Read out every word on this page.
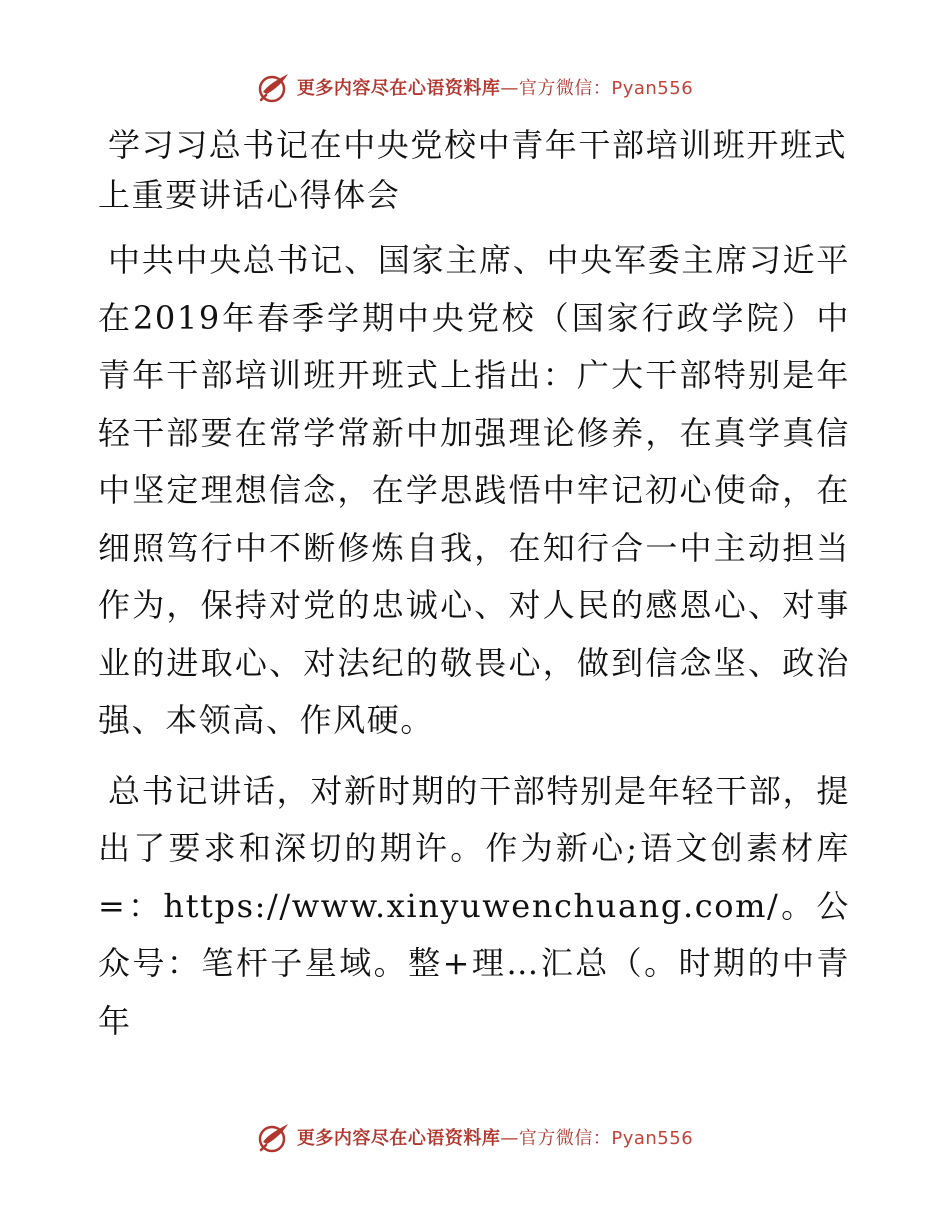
更多内容尽在心语资料库—官方微信：Pyan556
学习习总书记在中央党校中青年干部培训班开班式上重要讲话心得体会

中共中央总书记、国家主席、中央军委主席习近平在2019年春季学期中央党校（国家行政学院）中青年干部培训班开班式上指出：广大干部特别是年轻干部要在常学常新中加强理论修养，在真学真信中坚定理想信念，在学思践悟中牢记初心使命，在细照笃行中不断修炼自我，在知行合一中主动担当作为，保持对党的忠诚心、对人民的感恩心、对事业的进取心、对法纪的敬畏心，做到信念坚、政治强、本领高、作风硬。

总书记讲话，对新时期的干部特别是年轻干部，提出了要求和深切的期许。作为新心;语文创素材库=：https://www.xinyuwenchuang.com/。公众号：笔杆子星域。整+理…汇总（。时期的中青年

更多内容尽在心语资料库—官方微信：Pyan556
